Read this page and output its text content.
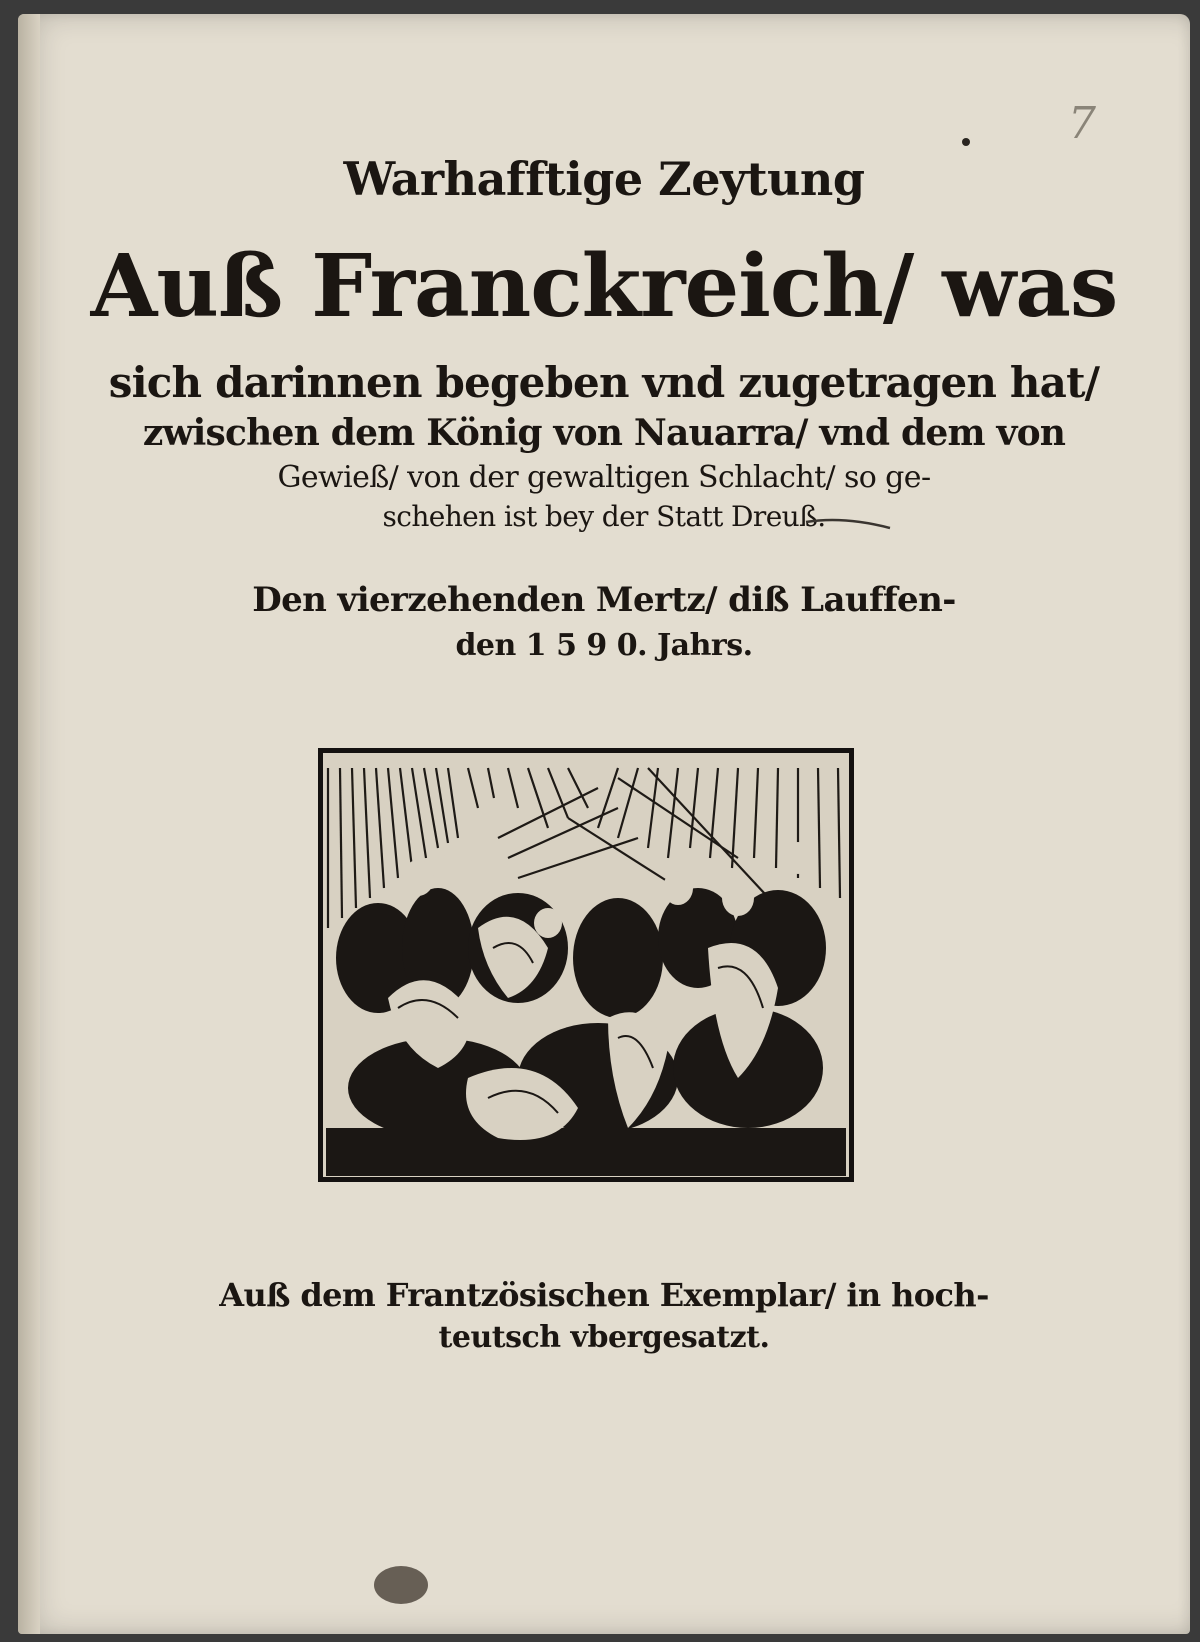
7
Warhafftige Zeytung
Auß Franckreich/ was
sich darinnen begeben vnd zugetragen hat/
zwischen dem König von Nauarra/ vnd dem von
Gewieß/ von der gewaltigen Schlacht/ so ge-
schehen ist bey der Statt Dreuß.
Den vierzehenden Mertz/ diß Lauffen-
den 1 5 9 0. Jahrs.
Auß dem Frantzösischen Exemplar/ in hoch-
teutsch vbergesatzt.
